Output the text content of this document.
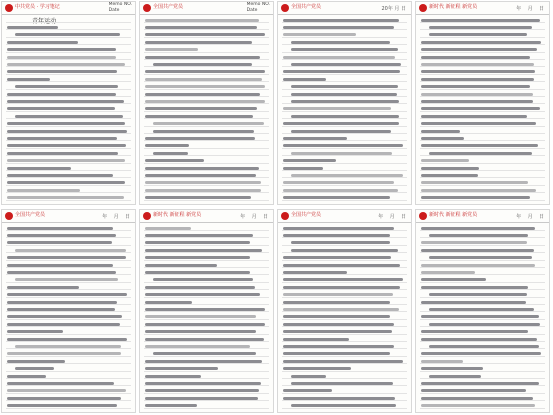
中共党员 · 学习笔记	Memo NO.
Date
青年运动
全国共产党员	Memo NO.
Date	全国共产党员	20年 月 日	新时代 新征程 新党员	年 月 日
全国共产党员	年 月 日	新时代 新征程 新党员	年 月 日	全国共产党员	年 月 日	新时代 新征程 新党员	年 月 日
